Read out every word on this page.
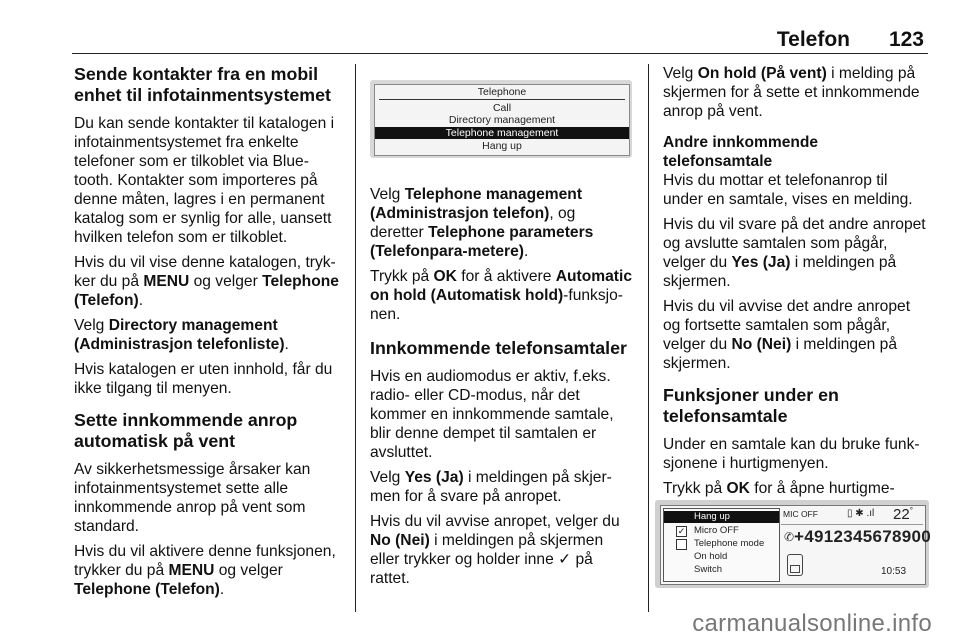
Telefon 123
Sende kontakter fra en mobil enhet til infotainmentsystemet

Du kan sende kontakter til katalogen i infotainmentsystemet fra enkelte telefoner som er tilkoblet via Blue-tooth. Kontakter som importeres på denne måten, lagres i en permanent katalog som er synlig for alle, uansett hvilken telefon som er tilkoblet.

Hvis du vil vise denne katalogen, tryk-ker du på MENU og velger Telephone (Telefon).

Velg Directory management (Administrasjon telefonliste).

Hvis katalogen er uten innhold, får du ikke tilgang til menyen.

Sette innkommende anrop automatisk på vent

Av sikkerhetsmessige årsaker kan infotainmentsystemet sette alle innkommende anrop på vent som standard.

Hvis du vil aktivere denne funksjonen, trykker du på MENU og velger Telephone (Telefon).

Telephone
Call
Directory management
Telephone management
Hang up

Velg Telephone management (Administrasjon telefon), og deretter Telephone parameters (Telefonpara-metere).

Trykk på OK for å aktivere Automatic on hold (Automatisk hold)-funksjo-nen.

Innkommende telefonsamtaler

Hvis en audiomodus er aktiv, f.eks. radio- eller CD-modus, når det kommer en innkommende samtale, blir denne dempet til samtalen er avsluttet.

Velg Yes (Ja) i meldingen på skjer-men for å svare på anropet.

Hvis du vil avvise anropet, velger du No (Nei) i meldingen på skjermen eller trykker og holder inne ✓ på rattet.

Velg On hold (På vent) i melding på skjermen for å sette et innkommende anrop på vent.

Andre innkommende telefonsamtale

Hvis du mottar et telefonanrop til under en samtale, vises en melding.

Hvis du vil svare på det andre anropet og avslutte samtalen som pågår, velger du Yes (Ja) i meldingen på skjermen.

Hvis du vil avvise det andre anropet og fortsette samtalen som pågår, velger du No (Nei) i meldingen på skjermen.

Funksjoner under en telefonsamtale

Under en samtale kan du bruke funk-sjonene i hurtigmenyen.

Trykk på OK for å åpne hurtigme-

Hang up
✓ Micro OFF
Telephone mode
On hold
Switch
MIC OFF	▯ ✱ .ıl 22°
✆ +4912345678900
10:53
carmanualsonline.info
